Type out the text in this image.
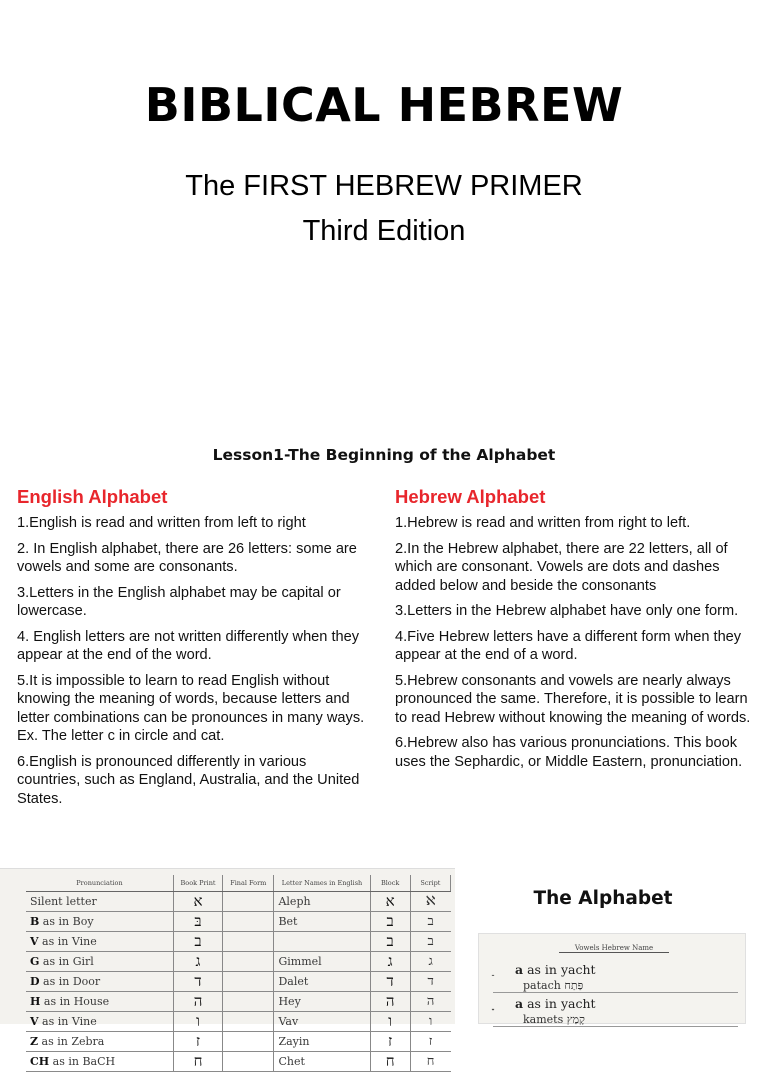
BIBLICAL HEBREW
The FIRST HEBREW PRIMER
Third Edition
Lesson1-The Beginning of the Alphabet
English Alphabet

1.English is read and written from left to right

2. In English alphabet, there are 26 letters: some are vowels and some are consonants.

3.Letters in the English alphabet may be capital or lowercase.

4. English letters are not written differently when they appear at the end of the word.

5.It is impossible to learn to read English without knowing the meaning of words, because letters and letter combinations can be pronounces in many ways. Ex. The letter c in circle and cat.

6.English is pronounced differently in various countries, such as England, Australia, and the United States.

Hebrew Alphabet

1.Hebrew is read and written from right to left.

2.In the Hebrew alphabet, there are 22 letters, all of which are consonant. Vowels are dots and dashes added below and beside the consonants

3.Letters in the Hebrew alphabet have only one form.

4.Five Hebrew letters have a different form when they appear at the end of a word.

5.Hebrew consonants and vowels are nearly always pronounced the same. Therefore, it is possible to learn to read Hebrew without knowing the meaning of words.

6.Hebrew also has various pronunciations. This book uses the Sephardic, or Middle Eastern, pronunciation.

Pronunciation	Book Print	Final Form	Letter Names in English	Block	Script
Silent letter	א		Aleph	א	ℵ
B as in Boy	בּ		Bet	ב	ב
V as in Vine	ב			ב	ב
G as in Girl	ג		Gimmel	ג	ג
D as in Door	ד		Dalet	ד	ד
H as in House	ה		Hey	ה	ה
V as in Vine	ו		Vav	ו	ו
Z as in Zebra	ז		Zayin	ז	ז
CH as in BaCH	ח		Chet	ח	ח
The Alphabet
Vowels Hebrew Name
a as in yacht
patach פַּתַח
a as in yacht
kamets קָמַץ
